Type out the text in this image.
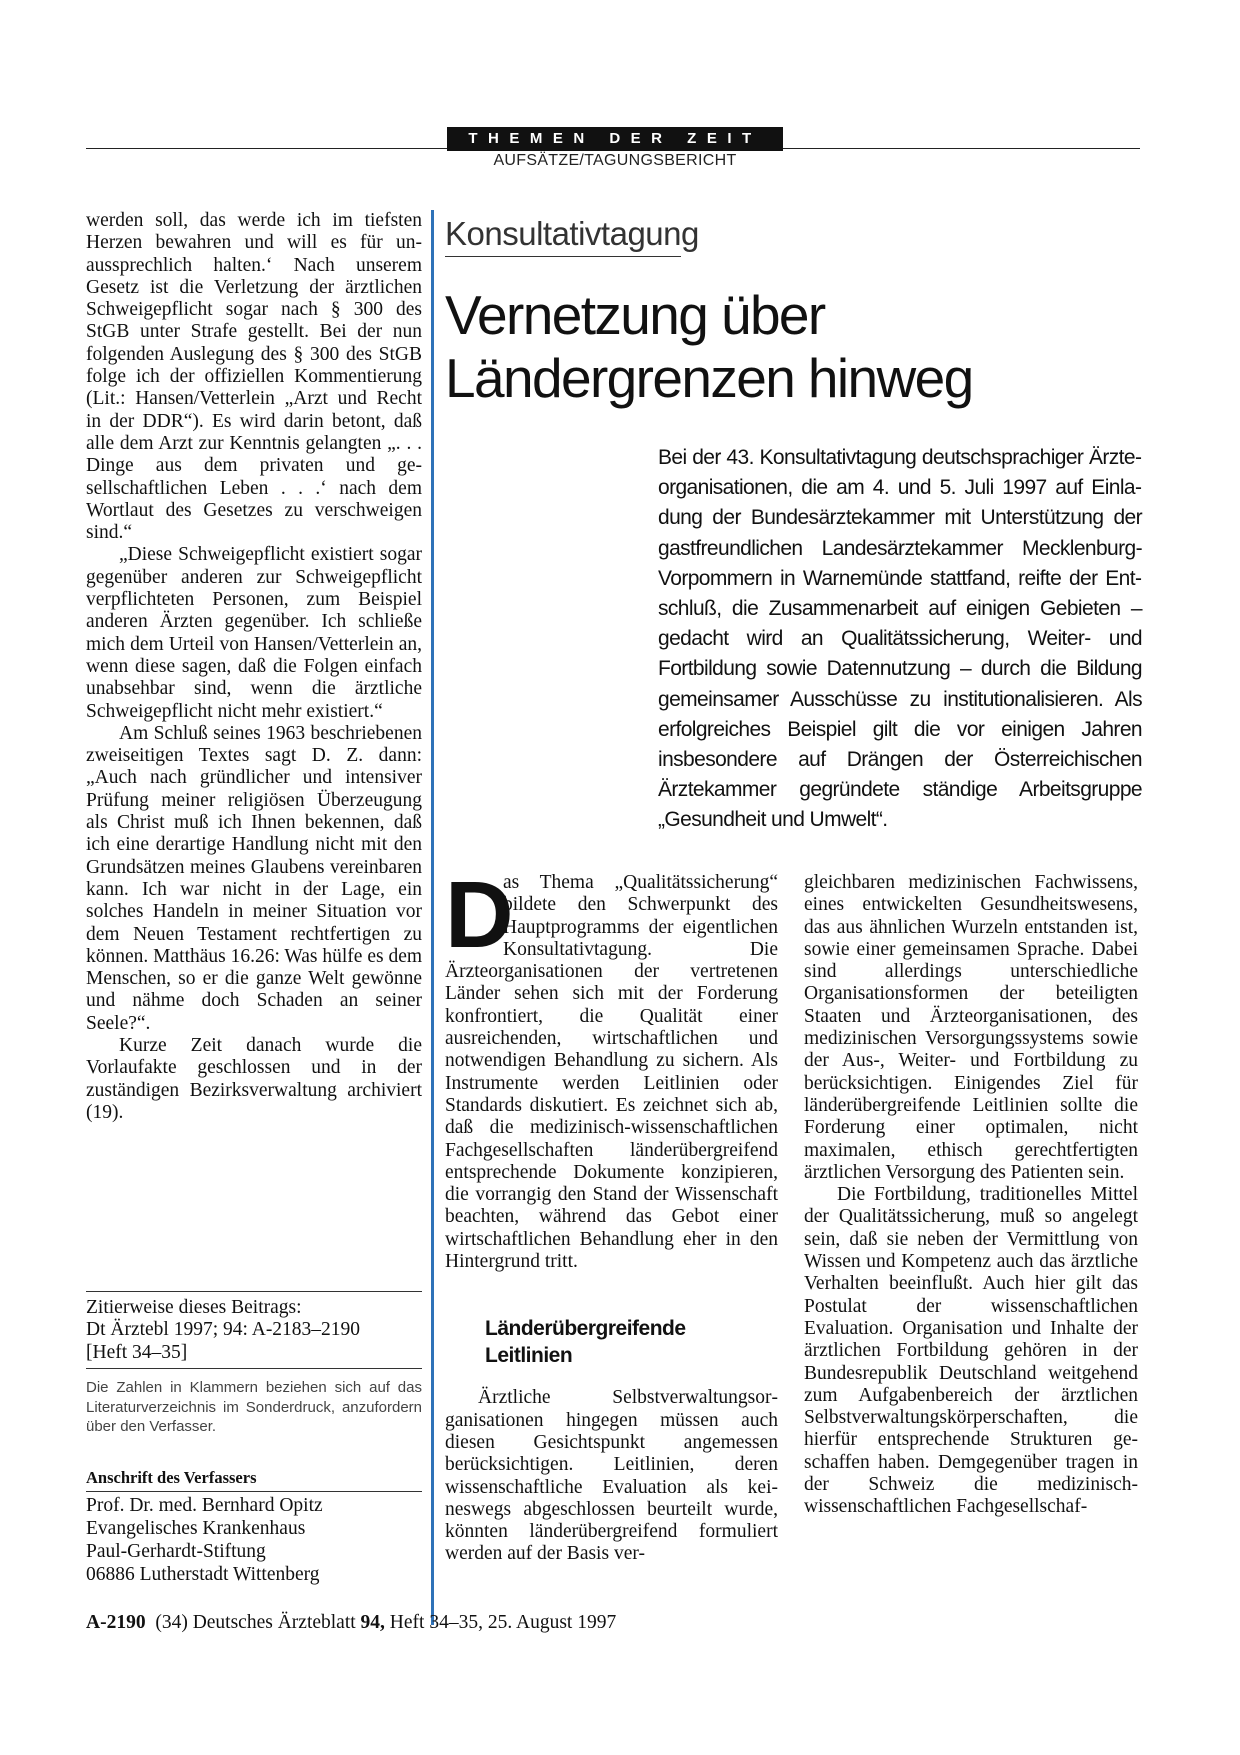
THEMEN DER ZEIT
AUFSÄTZE/TAGUNGSBERICHT

werden soll, das werde ich im tiefsten Herzen bewahren und will es für unaussprechlich halten.‘ Nach unserem Gesetz ist die Verletzung der ärztlichen Schweigepflicht sogar nach § 300 des StGB unter Strafe gestellt. Bei der nun folgenden Auslegung des § 300 des StGB folge ich der offiziellen Kommentierung (Lit.: Hansen/Vetterlein „Arzt und Recht in der DDR“). Es wird darin betont, daß alle dem Arzt zur Kenntnis gelangten „. . . Dinge aus dem privaten und gesellschaftlichen Leben . . .‘ nach dem Wortlaut des Gesetzes zu verschweigen sind.“

„Diese Schweigepflicht existiert sogar gegenüber anderen zur Schweigepflicht verpflichteten Personen, zum Beispiel anderen Ärzten gegenüber. Ich schließe mich dem Urteil von Hansen/Vetterlein an, wenn diese sagen, daß die Folgen einfach unabsehbar sind, wenn die ärztliche Schweigepflicht nicht mehr existiert.“

Am Schluß seines 1963 beschriebenen zweiseitigen Textes sagt D. Z. dann: „Auch nach gründlicher und intensiver Prüfung meiner religiösen Überzeugung als Christ muß ich Ihnen bekennen, daß ich eine derartige Handlung nicht mit den Grundsätzen meines Glaubens vereinbaren kann. Ich war nicht in der Lage, ein solches Handeln in meiner Situation vor dem Neuen Testament rechtfertigen zu können. Matthäus 16.26: Was hülfe es dem Menschen, so er die ganze Welt gewönne und nähme doch Schaden an seiner Seele?“.

Kurze Zeit danach wurde die Vorlaufakte geschlossen und in der zuständigen Bezirksverwaltung archiviert (19).

Zitierweise dieses Beitrags:
Dt Ärztebl 1997; 94: A-2183–2190
[Heft 34–35]
Die Zahlen in Klammern beziehen sich auf das Literaturverzeichnis im Sonderdruck, anzufordern über den Verfasser.
Anschrift des Verfassers
Prof. Dr. med. Bernhard Opitz
Evangelisches Krankenhaus
Paul-Gerhardt-Stiftung
06886 Lutherstadt Wittenberg
Konsultativtagung
Vernetzung über
Ländergrenzen hinweg
Bei der 43. Konsultativtagung deutschsprachiger Ärzteorganisationen, die am 4. und 5. Juli 1997 auf Einladung der Bundesärztekammer mit Unterstützung der gastfreundlichen Landesärztekammer Mecklenburg-Vorpommern in Warnemünde stattfand, reifte der Entschluß, die Zusammenarbeit auf einigen Gebieten – gedacht wird an Qualitätssicherung, Weiter- und Fortbildung sowie Datennutzung – durch die Bildung gemeinsamer Ausschüsse zu institutionalisieren. Als erfolgreiches Beispiel gilt die vor einigen Jahren insbesondere auf Drängen der Österreichischen Ärztekammer gegründete ständige Arbeitsgruppe „Gesundheit und Umwelt“.

D
as Thema „Qualitätssicherung“ bildete den Schwerpunkt des Hauptprogramms der eigentlichen Konsultativtagung. Die Ärzteorganisationen der vertretenen Länder sehen sich mit der Forderung konfrontiert, die Qualität einer ausreichenden, wirtschaftlichen und notwendigen Behandlung zu sichern. Als Instrumente werden Leitlinien oder Standards diskutiert. Es zeichnet sich ab, daß die medizinisch-wissenschaftlichen Fachgesellschaften länderübergreifend entsprechende Dokumente konzipieren, die vorrangig den Stand der Wissenschaft beachten, während das Gebot einer wirtschaftlichen Behandlung eher in den Hintergrund tritt.

Länderübergreifende Leitlinien

Ärztliche Selbstverwaltungsorganisationen hingegen müssen auch diesen Gesichtspunkt angemessen berücksichtigen. Leitlinien, deren wissenschaftliche Evaluation als keineswegs abgeschlossen beurteilt wurde, könnten länderübergreifend formuliert werden auf der Basis ver-

gleichbaren medizinischen Fachwissens, eines entwickelten Gesundheitswesens, das aus ähnlichen Wurzeln entstanden ist, sowie einer gemeinsamen Sprache. Dabei sind allerdings unterschiedliche Organisationsformen der beteiligten Staaten und Ärzteorganisationen, des medizinischen Versorgungssystems sowie der Aus-, Weiter- und Fortbildung zu berücksichtigen. Einigendes Ziel für länderübergreifende Leitlinien sollte die Forderung einer optimalen, nicht maximalen, ethisch gerechtfertigten ärztlichen Versorgung des Patienten sein.

Die Fortbildung, traditionelles Mittel der Qualitätssicherung, muß so angelegt sein, daß sie neben der Vermittlung von Wissen und Kompetenz auch das ärztliche Verhalten beeinflußt. Auch hier gilt das Postulat der wissenschaftlichen Evaluation. Organisation und Inhalte der ärztlichen Fortbildung gehören in der Bundesrepublik Deutschland weitgehend zum Aufgabenbereich der ärztlichen Selbstverwaltungskörperschaften, die hierfür entsprechende Strukturen geschaffen haben. Demgegenüber tragen in der Schweiz die medizinisch-wissenschaftlichen Fachgesellschaf-

A-2190 (34) Deutsches Ärzteblatt 94, Heft 34–35, 25. August 1997
